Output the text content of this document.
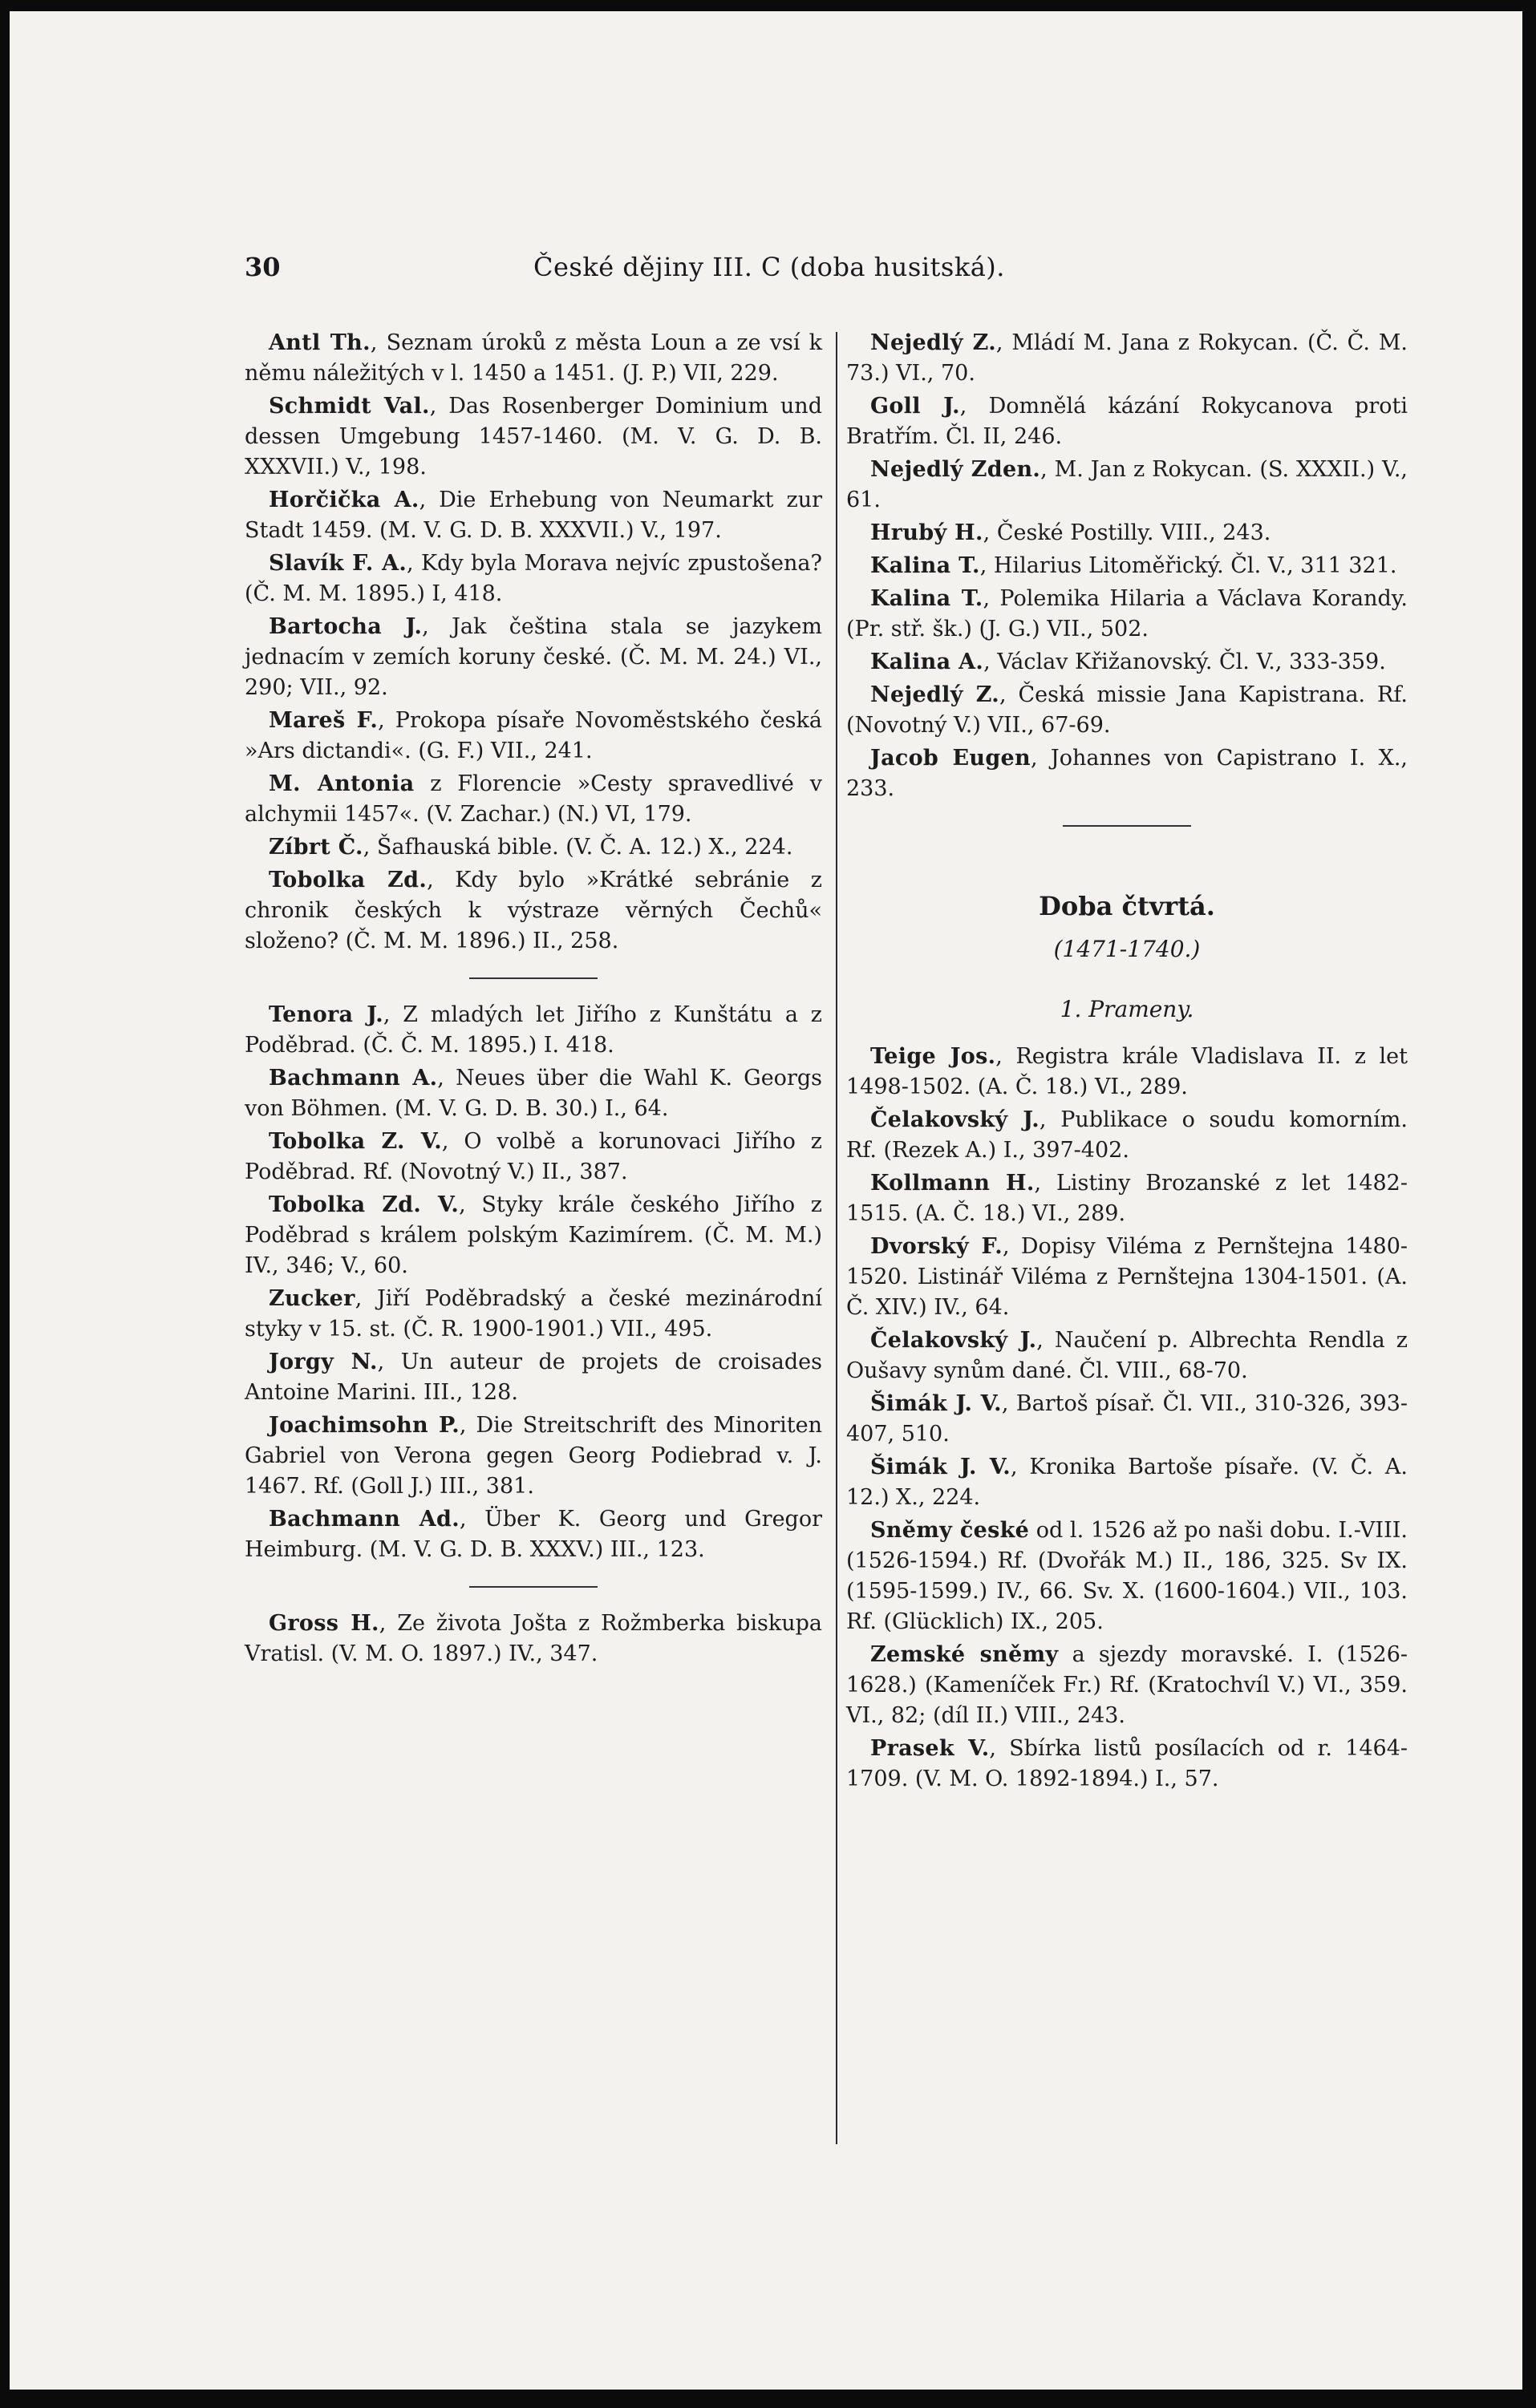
30	České dějiny III. C (doba husitská).

Antl Th., Seznam úroků z města Loun a ze vsí k němu náležitých v l. 1450 a 1451. (J. P.) VII, 229.

Schmidt Val., Das Rosenberger Dominium und dessen Umgebung 1457-1460. (M. V. G. D. B. XXXVII.) V., 198.

Horčička A., Die Erhebung von Neumarkt zur Stadt 1459. (M. V. G. D. B. XXXVII.) V., 197.

Slavík F. A., Kdy byla Morava nejvíc zpustošena? (Č. M. M. 1895.) I, 418.

Bartocha J., Jak čeština stala se jazykem jednacím v zemích koruny české. (Č. M. M. 24.) VI., 290; VII., 92.

Mareš F., Prokopa písaře Novoměstského česká »Ars dictandi«. (G. F.) VII., 241.

M. Antonia z Florencie »Cesty spravedlivé v alchymii 1457«. (V. Zachar.) (N.) VI, 179.

Zíbrt Č., Šafhauská bible. (V. Č. A. 12.) X., 224.

Tobolka Zd., Kdy bylo »Krátké sebránie z chronik českých k výstraze věrných Čechů« složeno? (Č. M. M. 1896.) II., 258.

Tenora J., Z mladých let Jiřího z Kunštátu a z Poděbrad. (Č. Č. M. 1895.) I. 418.

Bachmann A., Neues über die Wahl K. Georgs von Böhmen. (M. V. G. D. B. 30.) I., 64.

Tobolka Z. V., O volbě a korunovaci Jiřího z Poděbrad. Rf. (Novotný V.) II., 387.

Tobolka Zd. V., Styky krále českého Jiřího z Poděbrad s králem polským Kazimírem. (Č. M. M.) IV., 346; V., 60.

Zucker, Jiří Poděbradský a české mezinárodní styky v 15. st. (Č. R. 1900-1901.) VII., 495.

Jorgy N., Un auteur de projets de croisades Antoine Marini. III., 128.

Joachimsohn P., Die Streitschrift des Minoriten Gabriel von Verona gegen Georg Podiebrad v. J. 1467. Rf. (Goll J.) III., 381.

Bachmann Ad., Über K. Georg und Gregor Heimburg. (M. V. G. D. B. XXXV.) III., 123.

Gross H., Ze života Jošta z Rožmberka biskupa Vratisl. (V. M. O. 1897.) IV., 347.

Nejedlý Z., Mládí M. Jana z Rokycan. (Č. Č. M. 73.) VI., 70.

Goll J., Domnělá kázání Rokycanova proti Bratřím. Čl. II, 246.

Nejedlý Zden., M. Jan z Rokycan. (S. XXXII.) V., 61.

Hrubý H., České Postilly. VIII., 243.

Kalina T., Hilarius Litoměřický. Čl. V., 311 321.

Kalina T., Polemika Hilaria a Václava Korandy. (Pr. stř. šk.) (J. G.) VII., 502.

Kalina A., Václav Křižanovský. Čl. V., 333-359.

Nejedlý Z., Česká missie Jana Kapistrana. Rf. (Novotný V.) VII., 67-69.

Jacob Eugen, Johannes von Capistrano I. X., 233.

Doba čtvrtá.
(1471-1740.)
1. Prameny.

Teige Jos., Registra krále Vladislava II. z let 1498-1502. (A. Č. 18.) VI., 289.

Čelakovský J., Publikace o soudu komorním. Rf. (Rezek A.) I., 397-402.

Kollmann H., Listiny Brozanské z let 1482-1515. (A. Č. 18.) VI., 289.

Dvorský F., Dopisy Viléma z Pernštejna 1480-1520. Listinář Viléma z Pernštejna 1304-1501. (A. Č. XIV.) IV., 64.

Čelakovský J., Naučení p. Albrechta Rendla z Oušavy synům dané. Čl. VIII., 68-70.

Šimák J. V., Bartoš písař. Čl. VII., 310-326, 393-407, 510.

Šimák J. V., Kronika Bartoše písaře. (V. Č. A. 12.) X., 224.

Sněmy české od l. 1526 až po naši dobu. I.-VIII. (1526-1594.) Rf. (Dvořák M.) II., 186, 325. Sv IX. (1595-1599.) IV., 66. Sv. X. (1600-1604.) VII., 103. Rf. (Glücklich) IX., 205.

Zemské sněmy a sjezdy moravské. I. (1526-1628.) (Kameníček Fr.) Rf. (Kratochvíl V.) VI., 359. VI., 82; (díl II.) VIII., 243.

Prasek V., Sbírka listů posílacích od r. 1464-1709. (V. M. O. 1892-1894.) I., 57.
